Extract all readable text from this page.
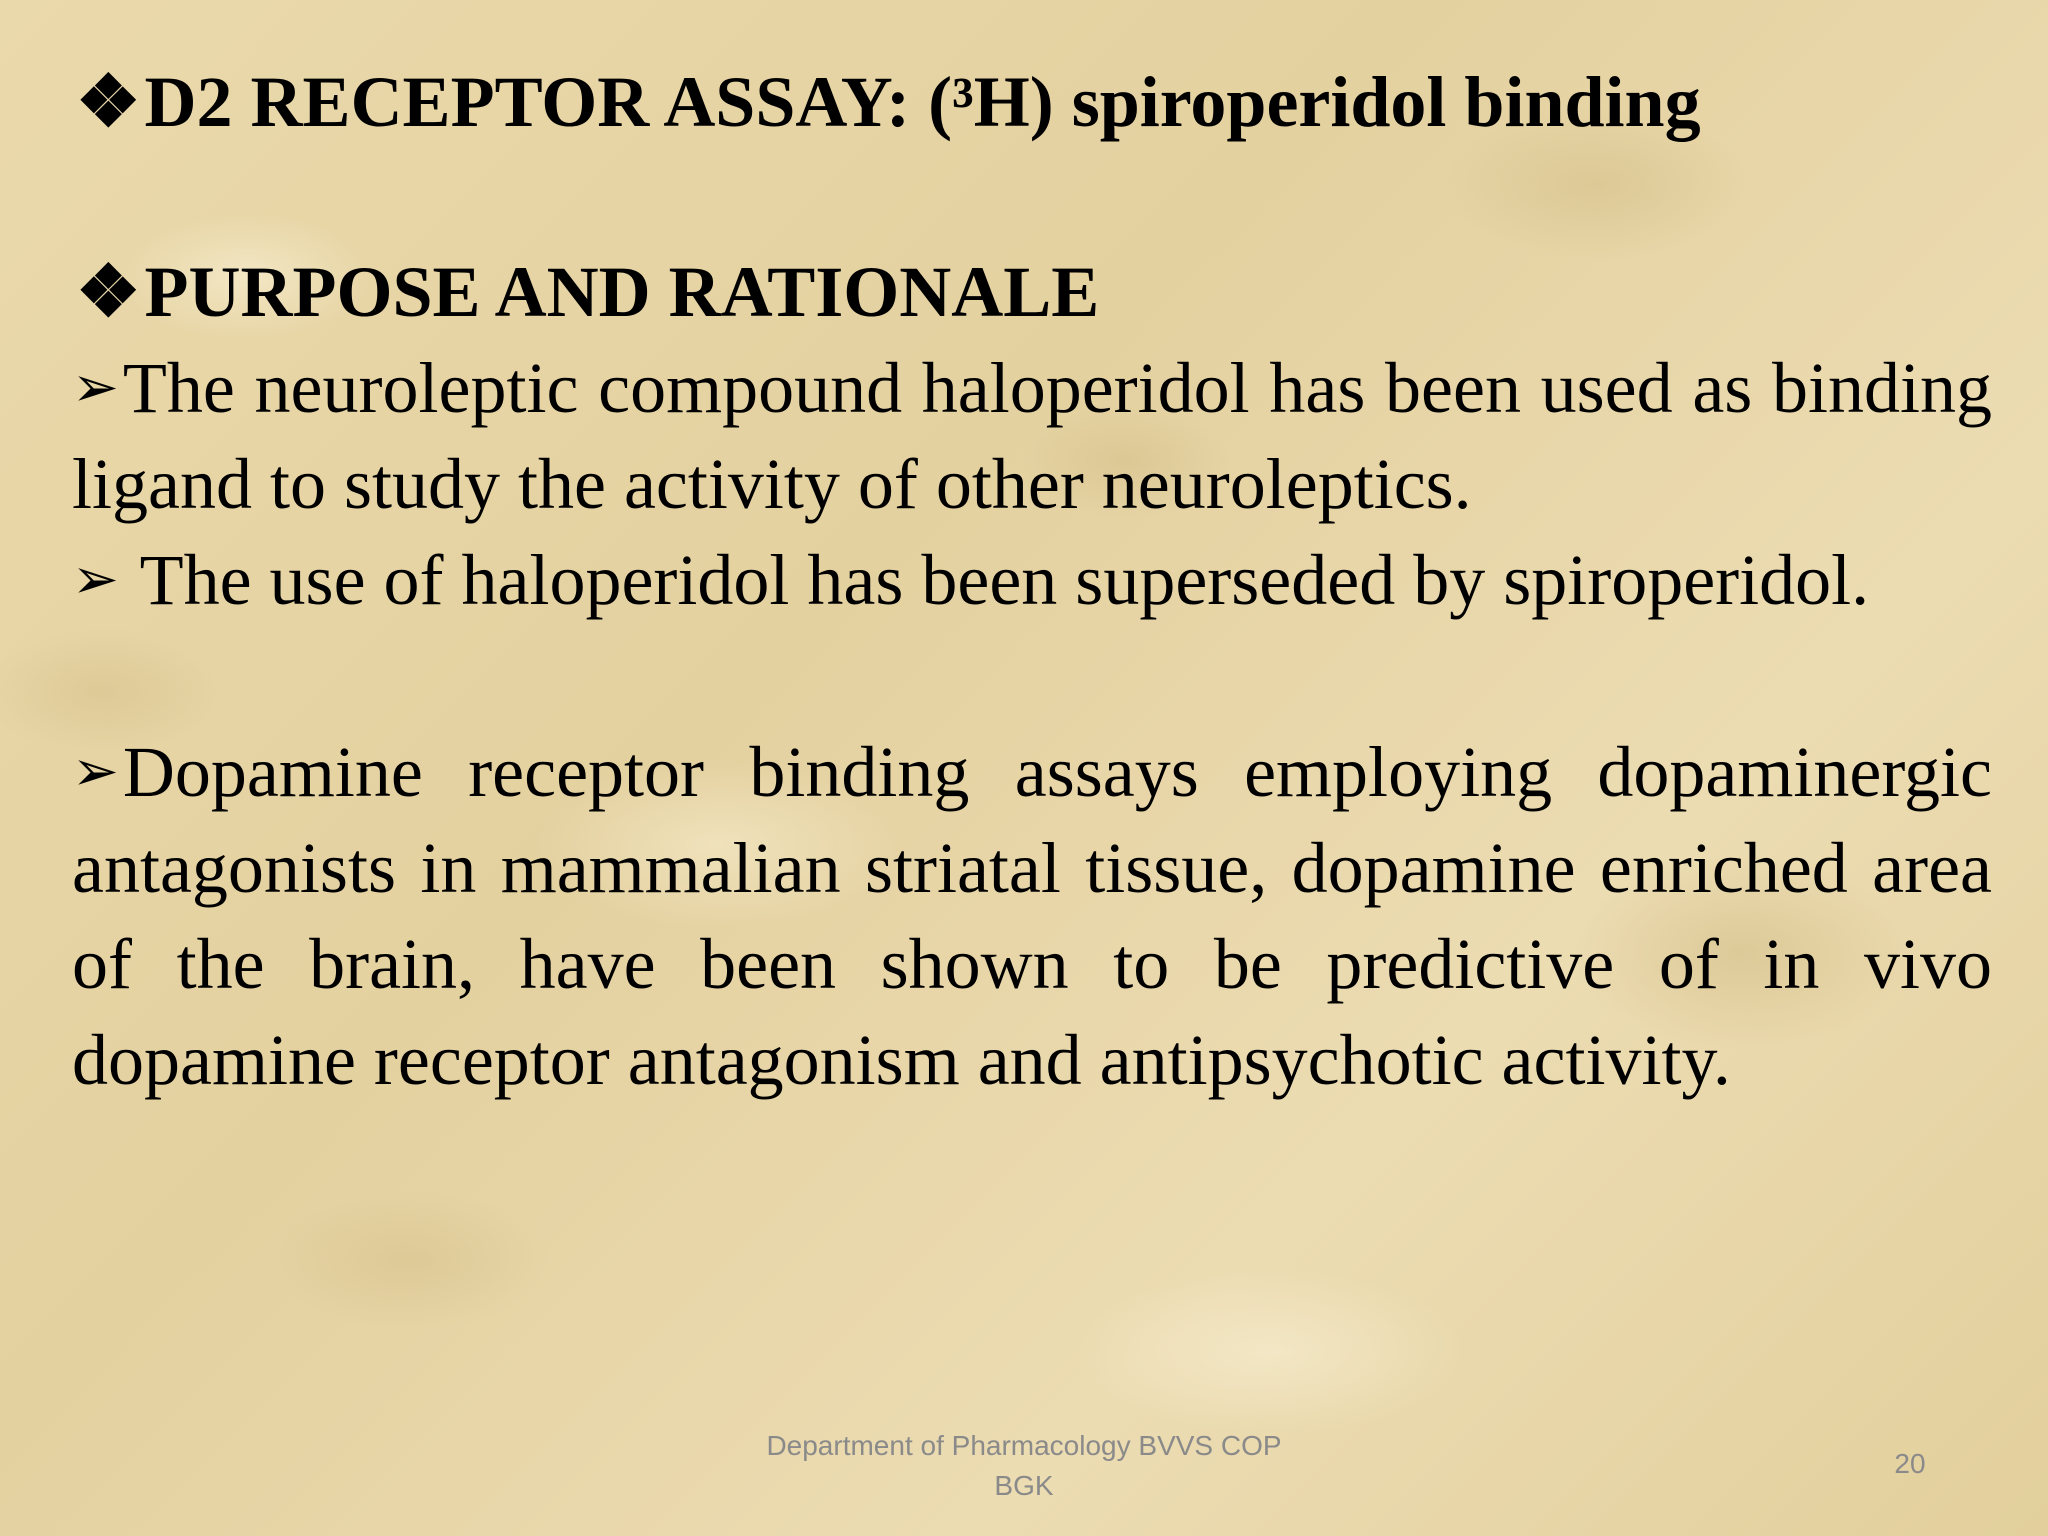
❖D2 RECEPTOR ASSAY: (³H) spiroperidol binding
❖PURPOSE AND RATIONALE

➢The neuroleptic compound haloperidol has been used as binding ligand to study the activity of other neuroleptics.

➢ The use of haloperidol has been superseded by spiroperidol.

➢Dopamine receptor binding assays employing dopaminergic antagonists in mammalian striatal tissue, dopamine enriched area of the brain, have been shown to be predictive of in vivo dopamine receptor antagonism and antipsychotic activity.

Department of Pharmacology BVVS COP
BGK
20
